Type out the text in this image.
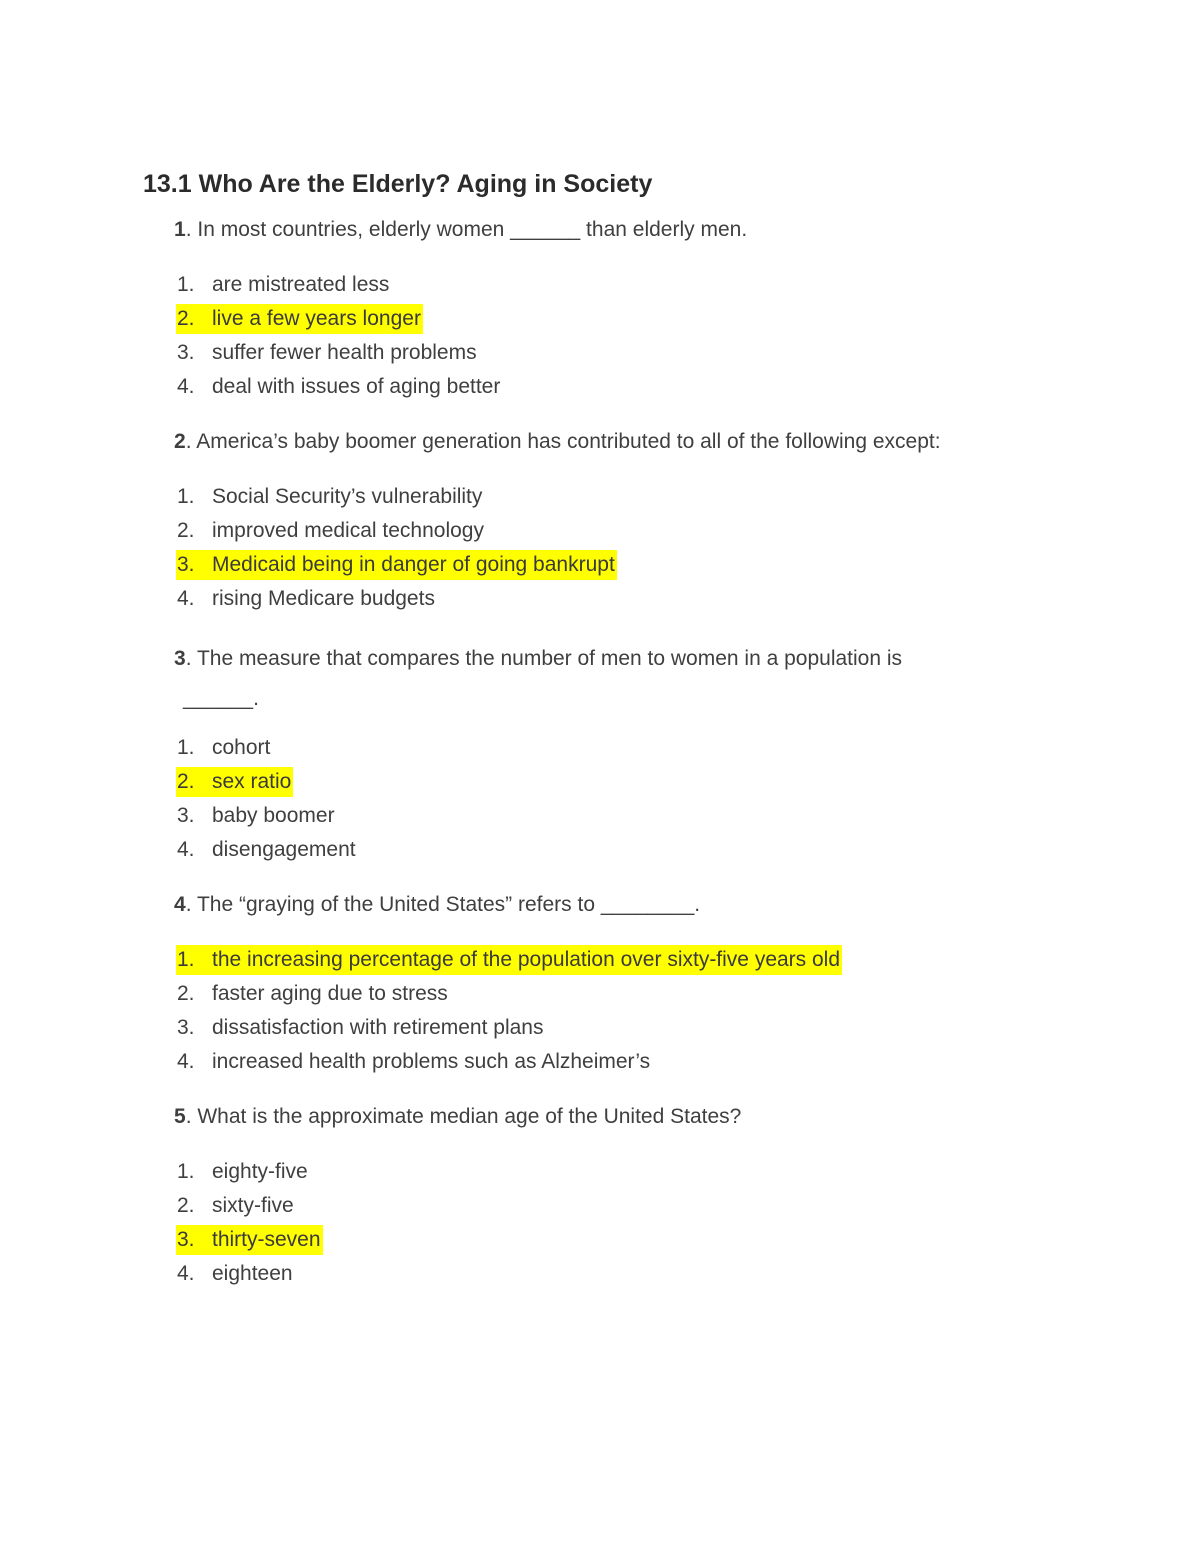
13.1 Who Are the Elderly? Aging in Society
1. In most countries, elderly women ______ than elderly men.
1. are mistreated less
2. live a few years longer
3. suffer fewer health problems
4. deal with issues of aging better
2. America’s baby boomer generation has contributed to all of the following except:
1. Social Security’s vulnerability
2. improved medical technology
3. Medicaid being in danger of going bankrupt
4. rising Medicare budgets
3. The measure that compares the number of men to women in a population is
______.
1. cohort
2. sex ratio
3. baby boomer
4. disengagement
4. The “graying of the United States” refers to ________.
1. the increasing percentage of the population over sixty-five years old
2. faster aging due to stress
3. dissatisfaction with retirement plans
4. increased health problems such as Alzheimer’s
5. What is the approximate median age of the United States?
1. eighty-five
2. sixty-five
3. thirty-seven
4. eighteen
